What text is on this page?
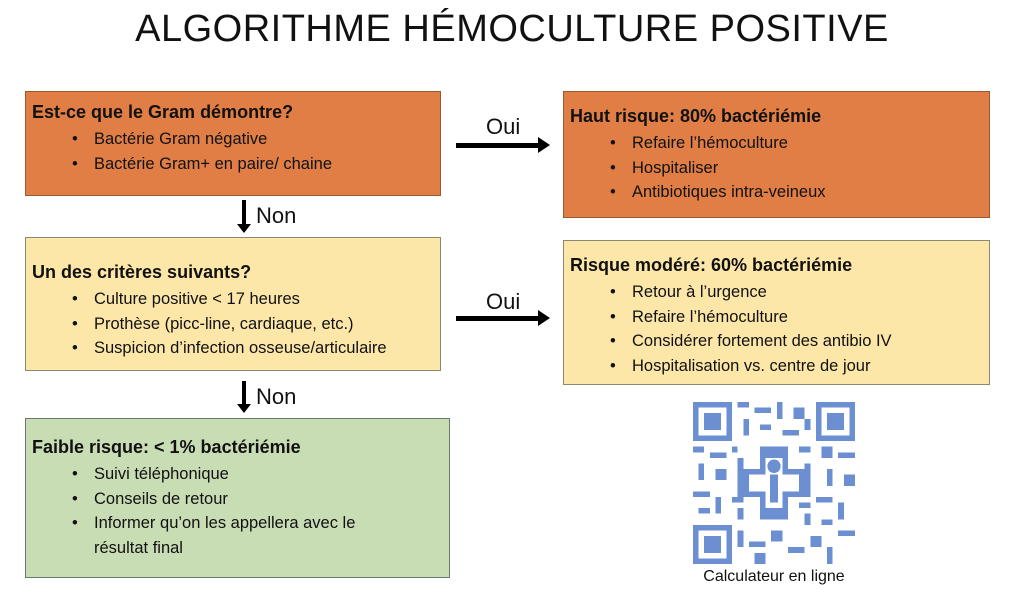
ALGORITHME HÉMOCULTURE POSITIVE
Est-ce que le Gram démontre?
• Bactérie Gram négative
• Bactérie Gram+ en paire/ chaine
Un des critères suivants?
• Culture positive < 17 heures
• Prothèse (picc-line, cardiaque, etc.)
• Suspicion d’infection osseuse/articulaire
Faible risque: < 1% bactériémie
• Suivi téléphonique
• Conseils de retour
• Informer qu’on les appellera avec le résultat final
Haut risque: 80% bactériémie
• Refaire l’hémoculture
• Hospitaliser
• Antibiotiques intra-veineux
Risque modéré: 60% bactériémie
• Retour à l’urgence
• Refaire l’hémoculture
• Considérer fortement des antibio IV
• Hospitalisation vs. centre de jour
Oui
Oui
Non
Non
Calculateur en ligne
